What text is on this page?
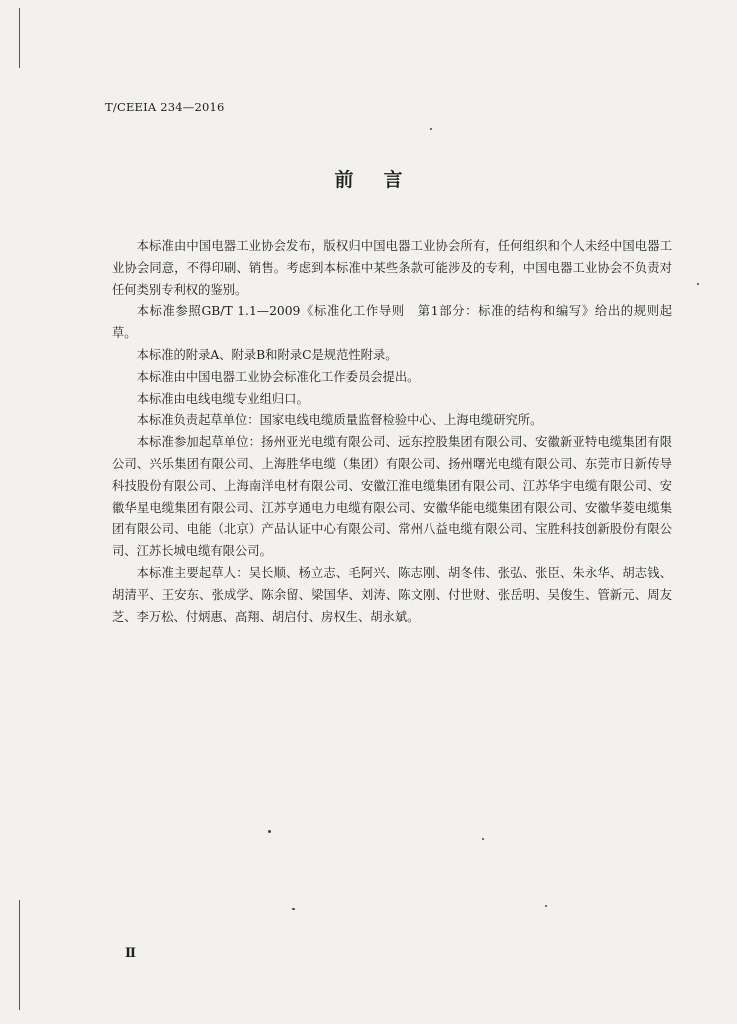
T/CEEIA 234—2016
前言

本标准由中国电器工业协会发布，版权归中国电器工业协会所有，任何组织和个人未经中国电器工业协会同意，不得印刷、销售。考虑到本标准中某些条款可能涉及的专利，中国电器工业协会不负责对任何类别专利权的鉴别。

本标准参照GB/T 1.1—2009《标准化工作导则　第1部分：标准的结构和编写》给出的规则起草。

本标准的附录A、附录B和附录C是规范性附录。

本标准由中国电器工业协会标准化工作委员会提出。

本标准由电线电缆专业组归口。

本标准负责起草单位：国家电线电缆质量监督检验中心、上海电缆研究所。

本标准参加起草单位：扬州亚光电缆有限公司、远东控股集团有限公司、安徽新亚特电缆集团有限公司、兴乐集团有限公司、上海胜华电缆（集团）有限公司、扬州曙光电缆有限公司、东莞市日新传导科技股份有限公司、上海南洋电材有限公司、安徽江淮电缆集团有限公司、江苏华宇电缆有限公司、安徽华星电缆集团有限公司、江苏亨通电力电缆有限公司、安徽华能电缆集团有限公司、安徽华菱电缆集团有限公司、电能（北京）产品认证中心有限公司、常州八益电缆有限公司、宝胜科技创新股份有限公司、江苏长城电缆有限公司。

本标准主要起草人：吴长顺、杨立志、毛阿兴、陈志刚、胡冬伟、张弘、张臣、朱永华、胡志钱、胡清平、王安东、张成学、陈余留、梁国华、刘涛、陈文刚、付世财、张岳明、吴俊生、管新元、周友芝、李万松、付炳惠、高翔、胡启付、房权生、胡永斌。

Ⅱ
